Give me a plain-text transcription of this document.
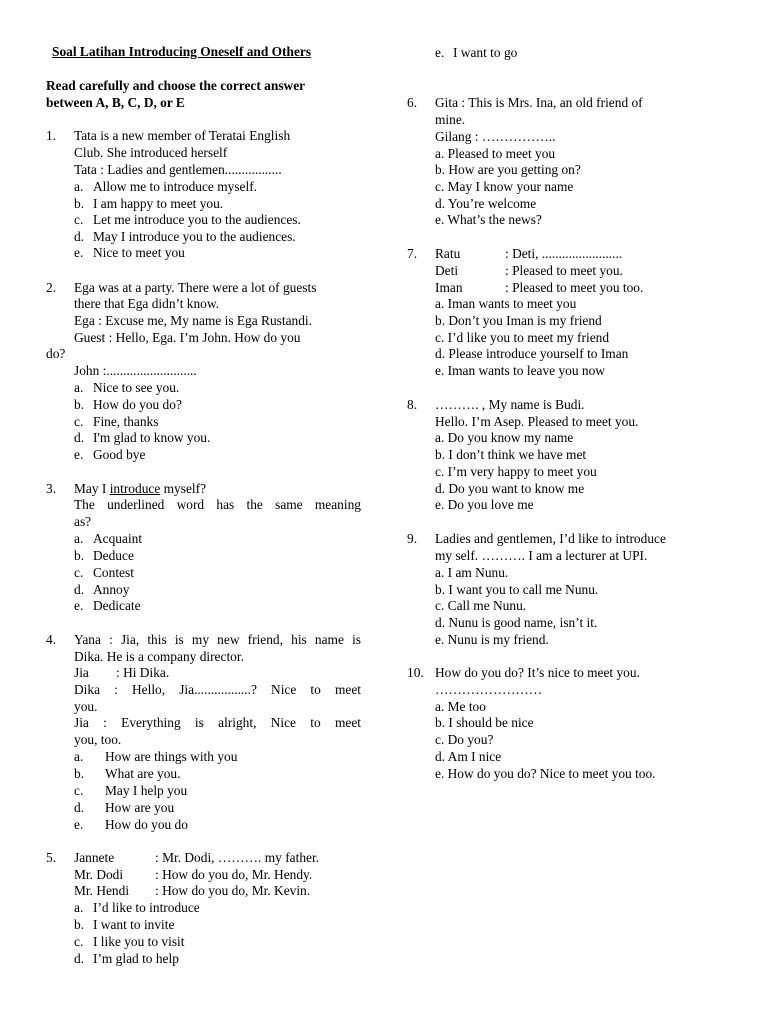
Soal Latihan Introducing Oneself and Others
Read carefully and choose the correct answer
between A, B, C, D, or E
1. Tata is a new member of Teratai English
Club. She introduced herself
Tata : Ladies and gentlemen.................
a. Allow me to introduce myself.
b. I am happy to meet you.
c. Let me introduce you to the audiences.
d. May I introduce you to the audiences.
e. Nice to meet you
2. Ega was at a party. There were a lot of guests
there that Ega didn’t know.
Ega : Excuse me, My name is Ega Rustandi.
Guest : Hello, Ega. I’m John. How do you
do?
John :...........................
a. Nice to see you.
b. How do you do?
c. Fine, thanks
d. I'm glad to know you.
e. Good bye
3. May I introduce myself?
The underlined word has the same meaning
as?
a. Acquaint
b. Deduce
c. Contest
d. Annoy
e. Dedicate
4. Yana : Jia, this is my new friend, his name is
Dika. He is a company director.
Jia : Hi Dika.
Dika : Hello, Jia.................? Nice to meet
you.
Jia : Everything is alright, Nice to meet
you, too.
a. How are things with you
b. What are you.
c. May I help you
d. How are you
e. How do you do
5. Jannete	: Mr. Dodi, ………. my father.
Mr. Dodi : How do you do, Mr. Hendy.
Mr. Hendi : How do you do, Mr. Kevin.
a. I’d like to introduce
b. I want to invite
c. I like you to visit
d. I’m glad to help
e. I want to go
6. Gita : This is Mrs. Ina, an old friend of
mine.
Gilang : ……………..
a. Pleased to meet you
b. How are you getting on?
c. May I know your name
d. You’re welcome
e. What’s the news?
7. Ratu	: Deti, ........................
Deti	: Pleased to meet you.
Iman	: Pleased to meet you too.
a. Iman wants to meet you
b. Don’t you Iman is my friend
c. I’d like you to meet my friend
d. Please introduce yourself to Iman
e. Iman wants to leave you now
8. ………. , My name is Budi.
Hello. I’m Asep. Pleased to meet you.
a. Do you know my name
b. I don’t think we have met
c. I’m very happy to meet you
d. Do you want to know me
e. Do you love me
9. Ladies and gentlemen, I’d like to introduce
my self. ………. I am a lecturer at UPI.
a. I am Nunu.
b. I want you to call me Nunu.
c. Call me Nunu.
d. Nunu is good name, isn’t it.
e. Nunu is my friend.
10. How do you do? It’s nice to meet you.
……………………
a. Me too
b. I should be nice
c. Do you?
d. Am I nice
e. How do you do? Nice to meet you too.
